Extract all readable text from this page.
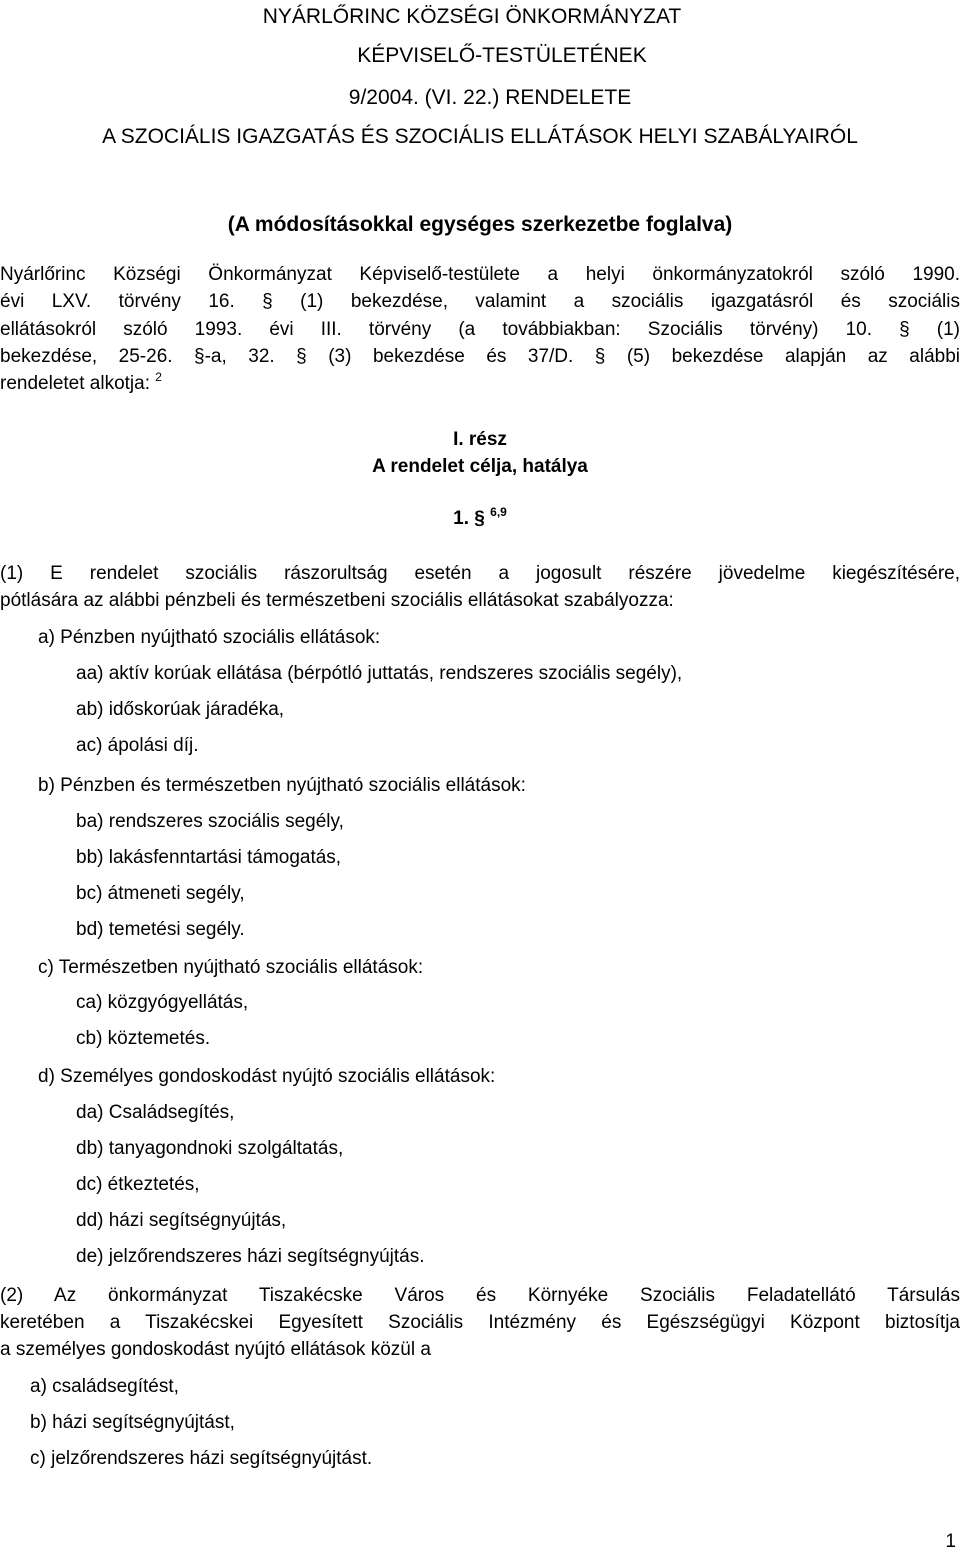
NYÁRLŐRINC KÖZSÉGI ÖNKORMÁNYZAT
KÉPVISELŐ-TESTÜLETÉNEK
9/2004. (VI. 22.) RENDELETE
A SZOCIÁLIS IGAZGATÁS ÉS SZOCIÁLIS ELLÁTÁSOK HELYI SZABÁLYAIRÓL
(A módosításokkal egységes szerkezetbe foglalva)
Nyárlőrinc Községi Önkormányzat Képviselő-testülete a helyi önkormányzatokról szóló 1990.
évi LXV. törvény 16. § (1) bekezdése, valamint a szociális igazgatásról és szociális
ellátásokról szóló 1993. évi III. törvény (a továbbiakban: Szociális törvény) 10. § (1)
bekezdése, 25-26. §-a, 32. § (3) bekezdése és 37/D. § (5) bekezdése alapján az alábbi
rendeletet alkotja: $^2$
I. rész
A rendelet célja, hatálya
1. § $^{6,9}$
(1) E rendelet szociális rászorultság esetén a jogosult részére jövedelme kiegészítésére,
pótlására az alábbi pénzbeli és természetbeni szociális ellátásokat szabályozza:
a) Pénzben nyújtható szociális ellátások:
aa) aktív korúak ellátása (bérpótló juttatás, rendszeres szociális segély),
ab) időskorúak járadéka,
ac) ápolási díj.
b) Pénzben és természetben nyújtható szociális ellátások:
ba) rendszeres szociális segély,
bb) lakásfenntartási támogatás,
bc) átmeneti segély,
bd) temetési segély.
c) Természetben nyújtható szociális ellátások:
ca) közgyógyellátás,
cb) köztemetés.
d) Személyes gondoskodást nyújtó szociális ellátások:
da) Családsegítés,
db) tanyagondnoki szolgáltatás,
dc) étkeztetés,
dd) házi segítségnyújtás,
de) jelzőrendszeres házi segítségnyújtás.
(2) Az önkormányzat Tiszakécske Város és Környéke Szociális Feladatellátó Társulás
keretében a Tiszakécskei Egyesített Szociális Intézmény és Egészségügyi Központ biztosítja
a személyes gondoskodást nyújtó ellátások közül a
a) családsegítést,
b) házi segítségnyújtást,
c) jelzőrendszeres házi segítségnyújtást.
1
